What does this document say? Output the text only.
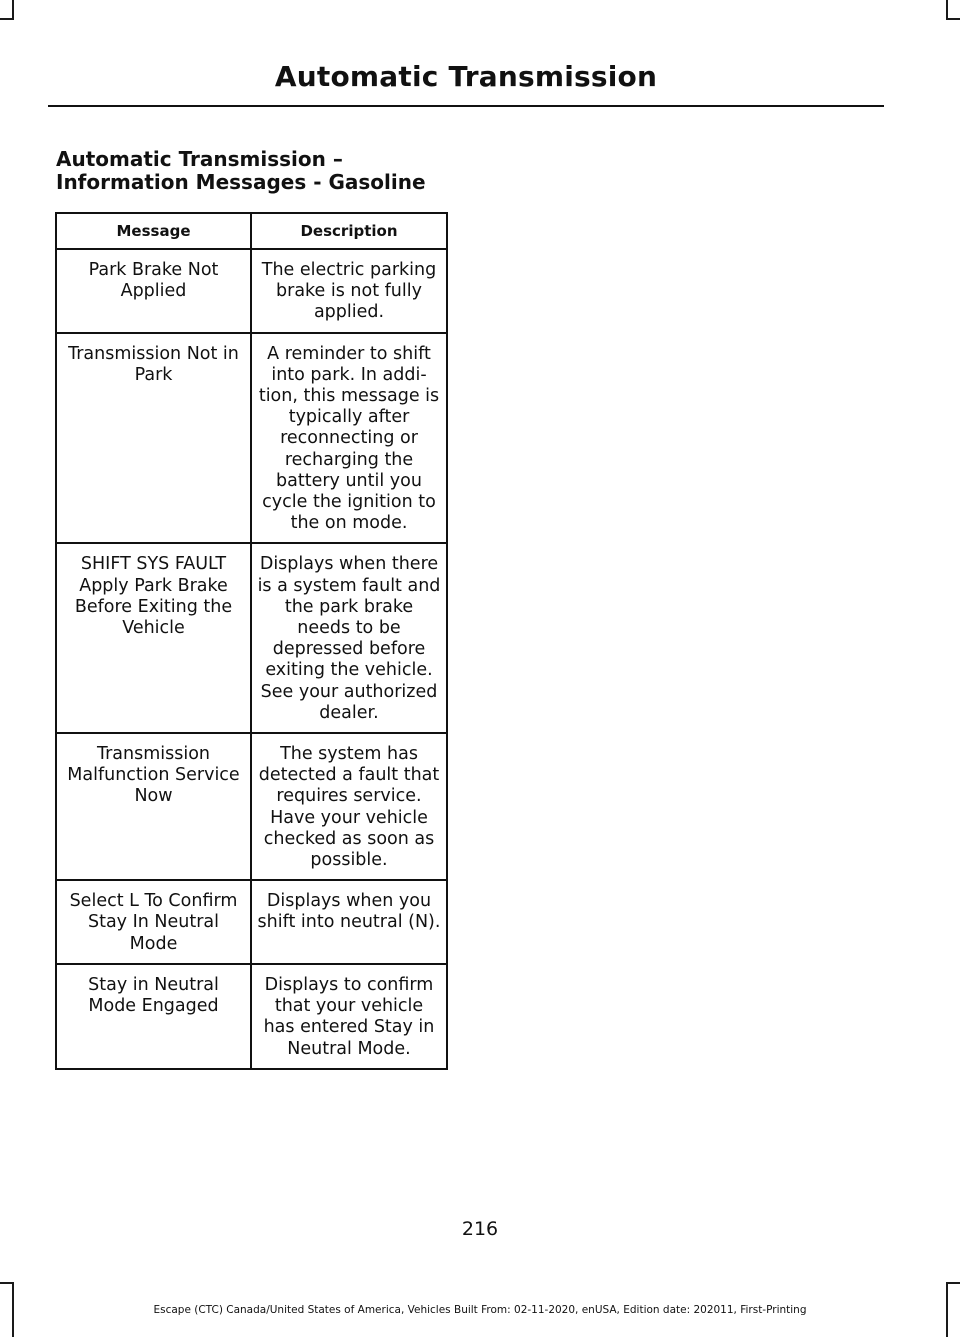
Automatic Transmission
Automatic Transmission –
Information Messages - Gasoline
Message	Description
Park Brake Not Applied	The electric parking brake is not fully applied.
Transmission Not in Park	A reminder to shift into park. In addi-tion, this message is typically after reconnecting or recharging the battery until you cycle the ignition to the on mode.
SHIFT SYS FAULT Apply Park Brake Before Exiting the Vehicle	Displays when there is a system fault and the park brake needs to be depressed before exiting the vehicle. See your authorized dealer.
Transmission Malfunction Service Now	The system has detected a fault that requires service. Have your vehicle checked as soon as possible.
Select L To Confirm Stay In Neutral Mode	Displays when you shift into neutral (N).
Stay in Neutral Mode Engaged	Displays to confirm that your vehicle has entered Stay in Neutral Mode.
216
Escape (CTC) Canada/United States of America, Vehicles Built From: 02-11-2020, enUSA, Edition date: 202011, First-Printing
